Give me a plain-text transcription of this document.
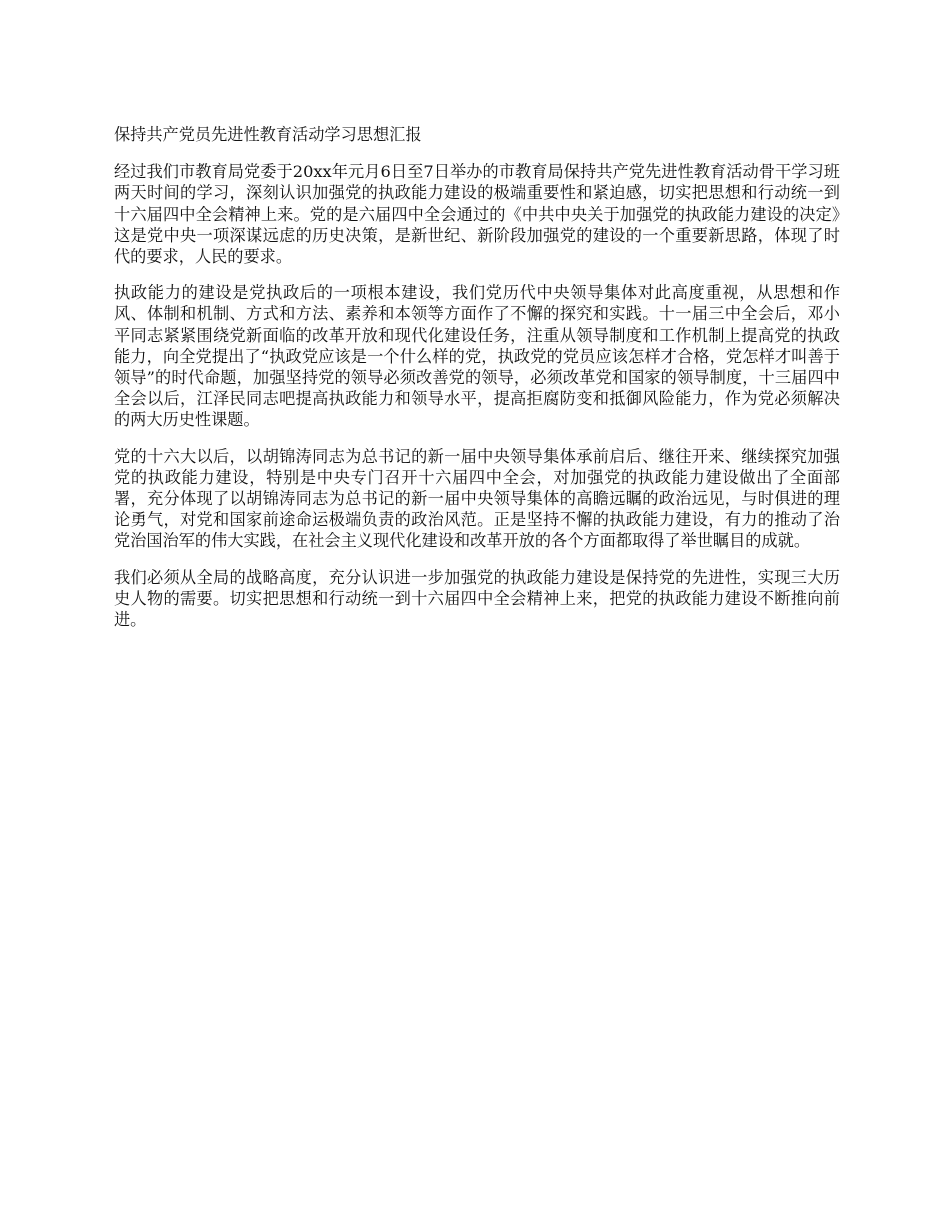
保持共产党员先进性教育活动学习思想汇报

经过我们市教育局党委于20xx年元月6日至7日举办的市教育局保持共产党先进性教育活动骨干学习班两天时间的学习，深刻认识加强党的执政能力建设的极端重要性和紧迫感，切实把思想和行动统一到十六届四中全会精神上来。党的是六届四中全会通过的《中共中央关于加强党的执政能力建设的决定》这是党中央一项深谋远虑的历史决策，是新世纪、新阶段加强党的建设的一个重要新思路，体现了时代的要求，人民的要求。

执政能力的建设是党执政后的一项根本建设，我们党历代中央领导集体对此高度重视，从思想和作风、体制和机制、方式和方法、素养和本领等方面作了不懈的探究和实践。十一届三中全会后，邓小平同志紧紧围绕党新面临的改革开放和现代化建设任务，注重从领导制度和工作机制上提高党的执政能力，向全党提出了“执政党应该是一个什么样的党，执政党的党员应该怎样才合格，党怎样才叫善于领导”的时代命题，加强坚持党的领导必须改善党的领导，必须改革党和国家的领导制度，十三届四中全会以后，江泽民同志吧提高执政能力和领导水平，提高拒腐防变和抵御风险能力，作为党必须解决的两大历史性课题。

党的十六大以后，以胡锦涛同志为总书记的新一届中央领导集体承前启后、继往开来、继续探究加强党的执政能力建设，特别是中央专门召开十六届四中全会，对加强党的执政能力建设做出了全面部署，充分体现了以胡锦涛同志为总书记的新一届中央领导集体的高瞻远瞩的政治远见，与时俱进的理论勇气，对党和国家前途命运极端负责的政治风范。正是坚持不懈的执政能力建设，有力的推动了治党治国治军的伟大实践，在社会主义现代化建设和改革开放的各个方面都取得了举世瞩目的成就。

我们必须从全局的战略高度，充分认识进一步加强党的执政能力建设是保持党的先进性，实现三大历史人物的需要。切实把思想和行动统一到十六届四中全会精神上来，把党的执政能力建设不断推向前进。
